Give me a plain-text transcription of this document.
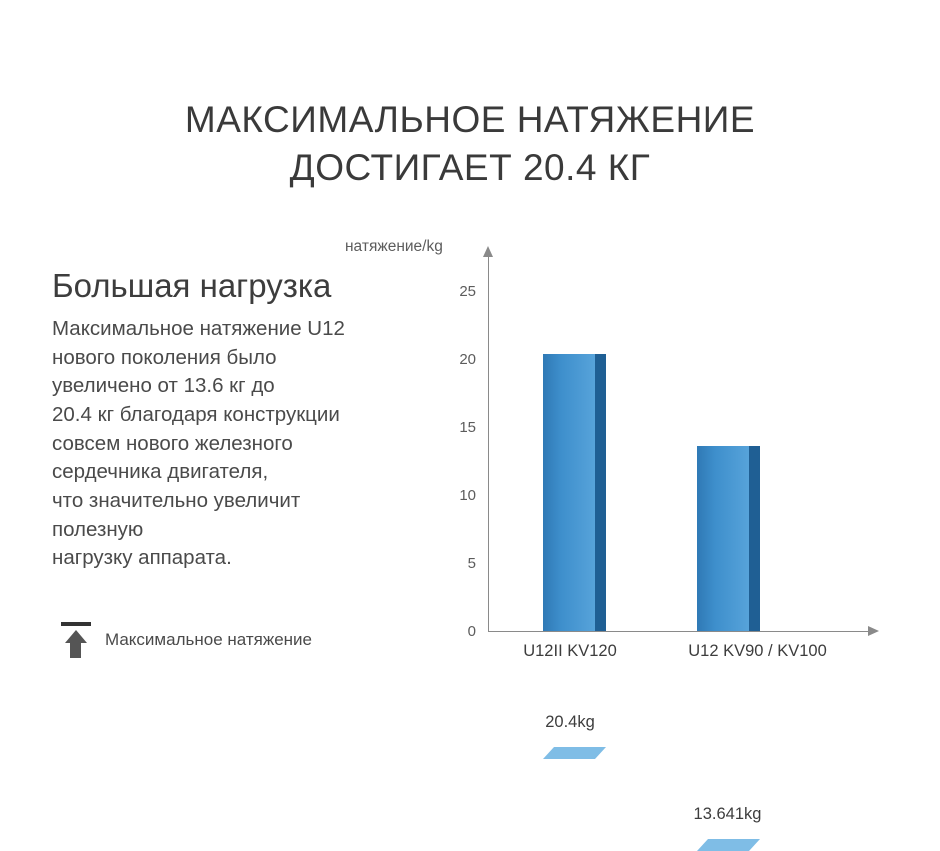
МАКСИМАЛЬНОЕ НАТЯЖЕНИЕ
ДОСТИГАЕТ 20.4 КГ
Большая нагрузка
Максимальное натяжение U12
нового поколения было
увеличено от 13.6 кг до
20.4 кг благодаря конструкции
совсем нового железного
сердечника двигателя,
что значительно увеличит
полезную
нагрузку аппарата.
Максимальное натяжение
натяжение/kg
25
20
15
10
5
0
20.4kg
13.641kg
U12II KV120	U12 KV90 / KV100
